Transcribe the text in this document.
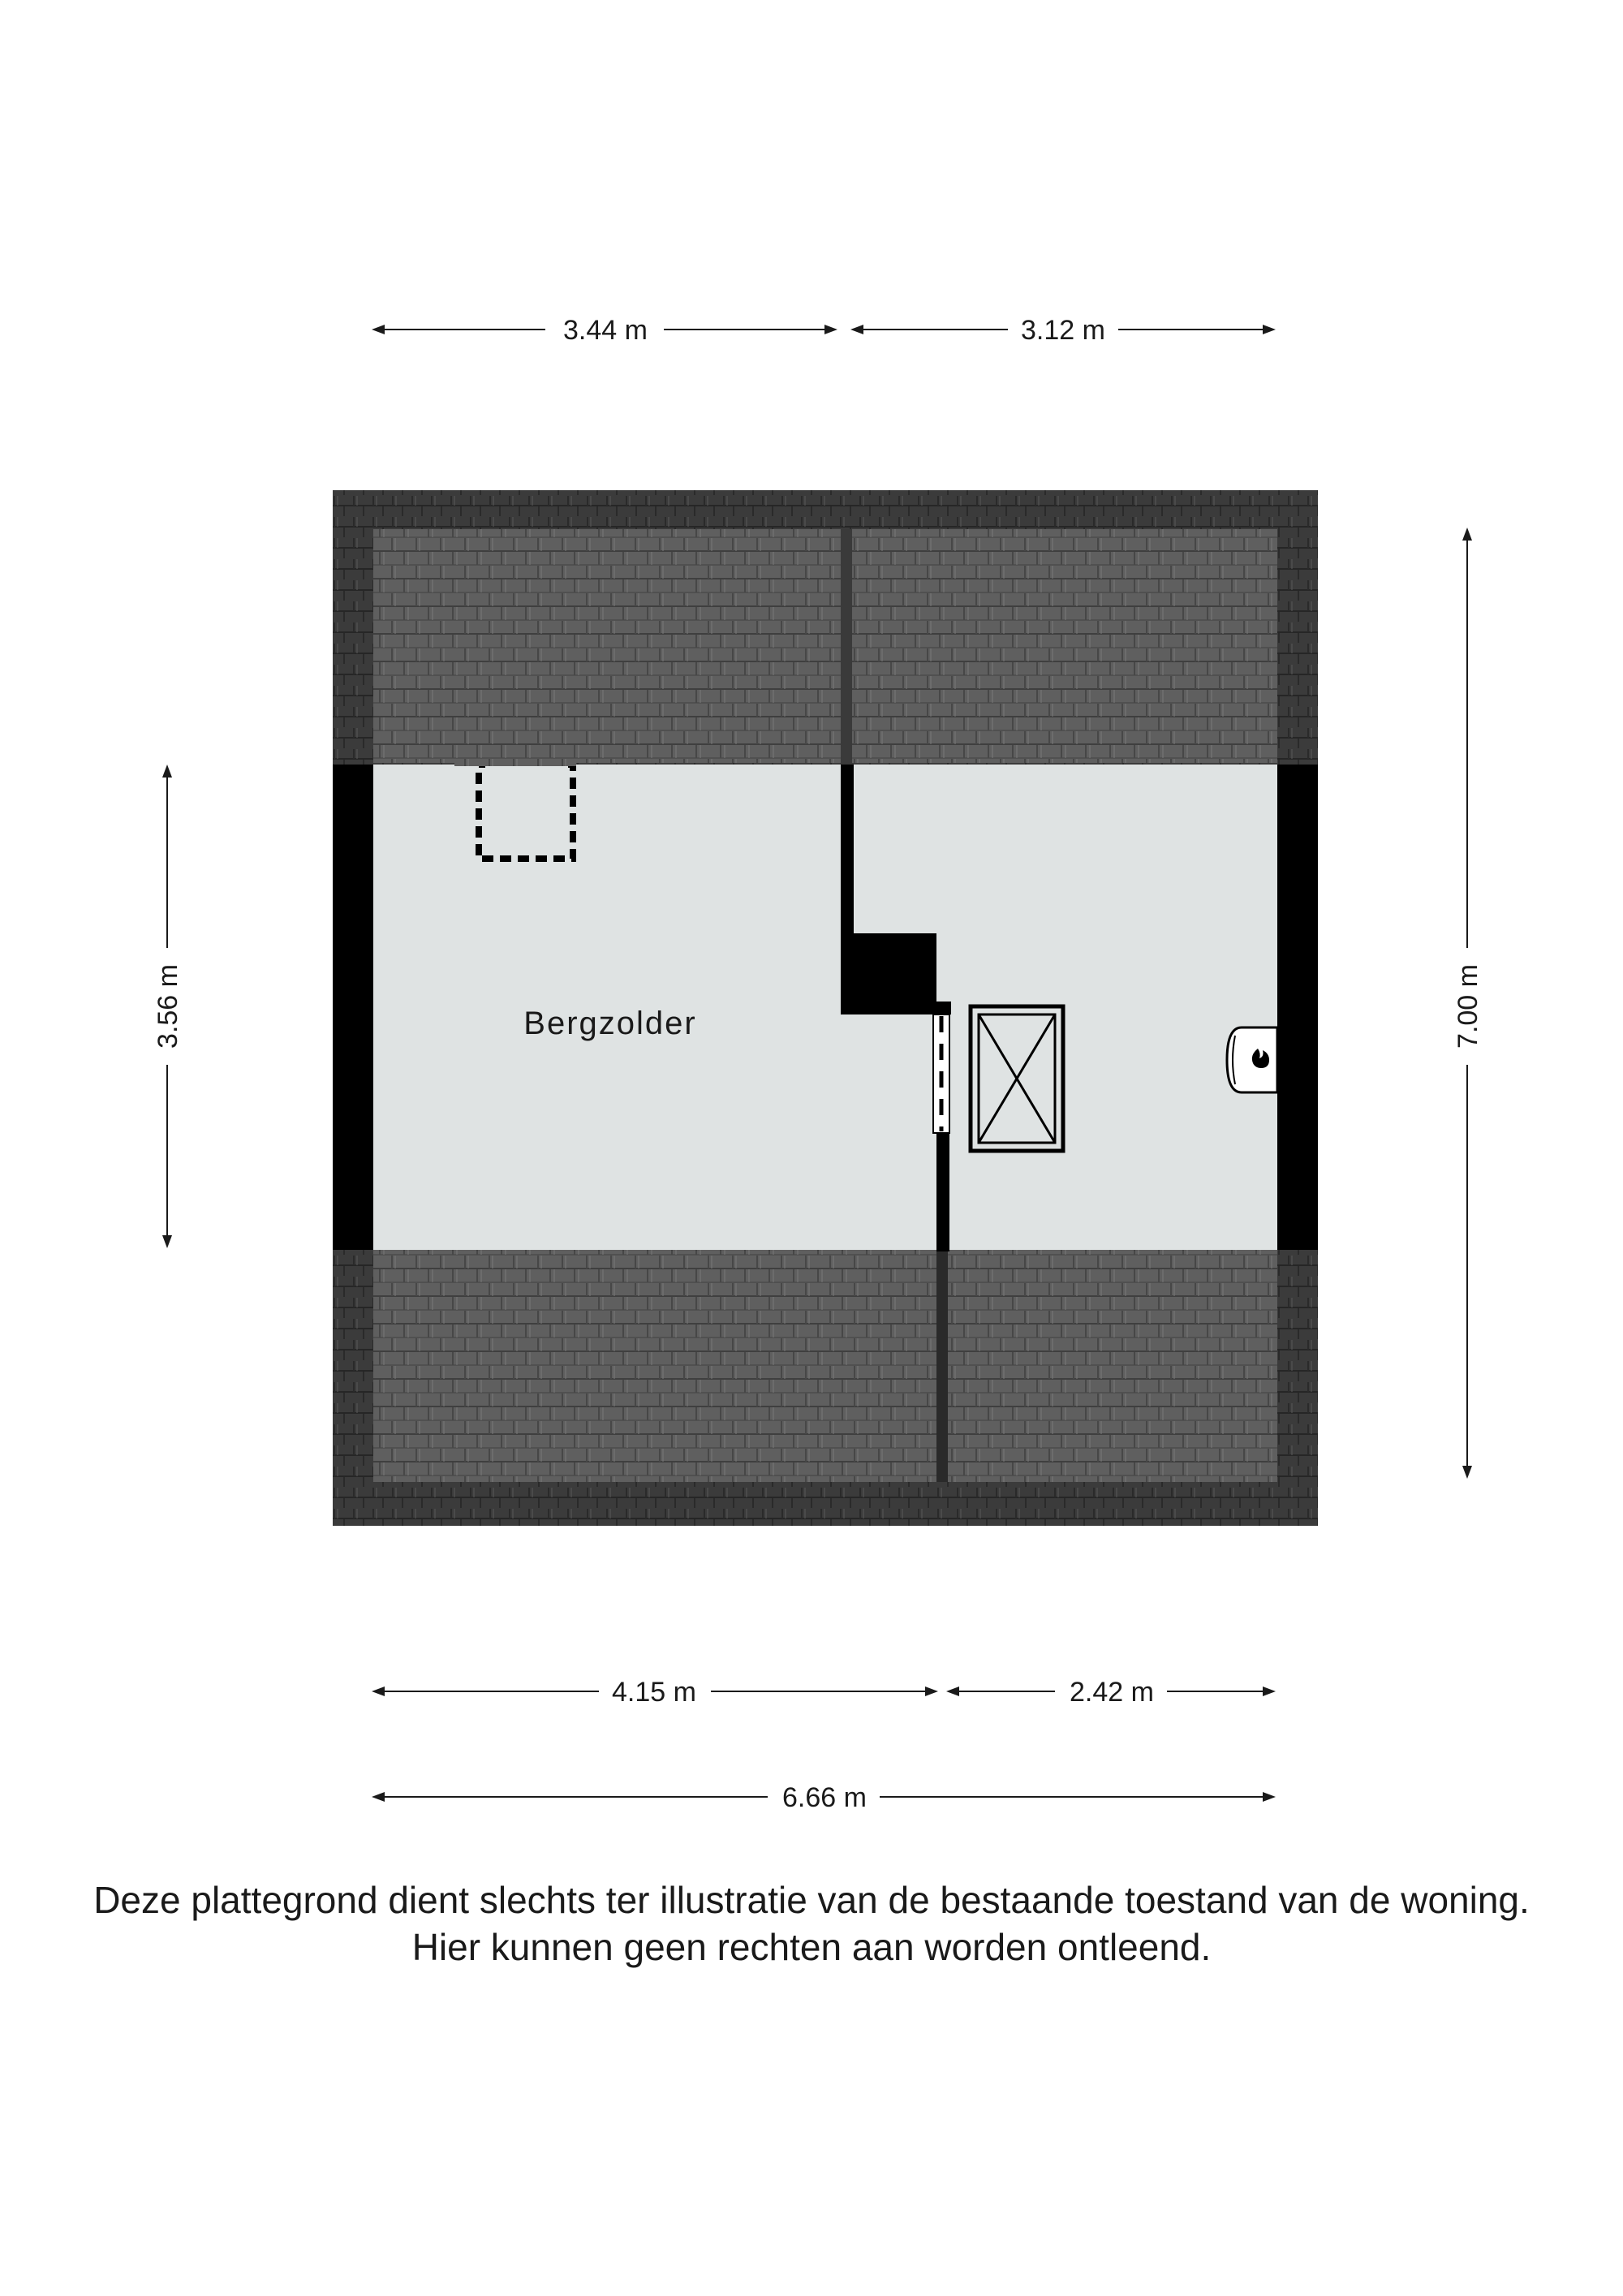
3.44 m	3.12 m
3.56 m	7.00 m
Bergzolder
4.15 m	2.42 m
6.66 m
Deze plattegrond dient slechts ter illustratie van de bestaande toestand van de woning.
Hier kunnen geen rechten aan worden ontleend.
